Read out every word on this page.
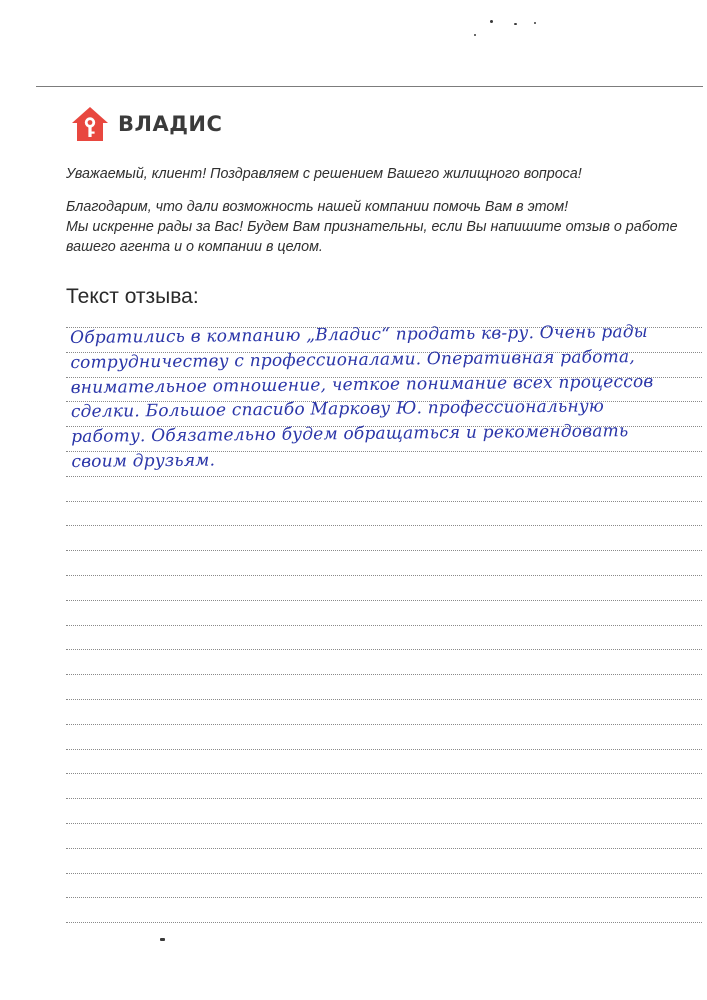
ВЛАДИС

Уважаемый, клиент! Поздравляем с решением Вашего жилищного вопроса!

Благодарим, что дали возможность нашей компании помочь Вам в этом!
Мы искренне рады за Вас! Будем Вам признательны, если Вы напишите отзыв о работе
вашего агента и о компании в целом.

Текст отзыва:
Обратились в компанию „Владис“ продать кв-ру. Очень рады
сотрудничеству с профессионалами. Оперативная работа,
внимательное отношение, четкое понимание всех процессов
сделки. Большое спасибо Маркову Ю. профессиональную
работу. Обязательно будем обращаться и рекомендовать
своим друзьям.
